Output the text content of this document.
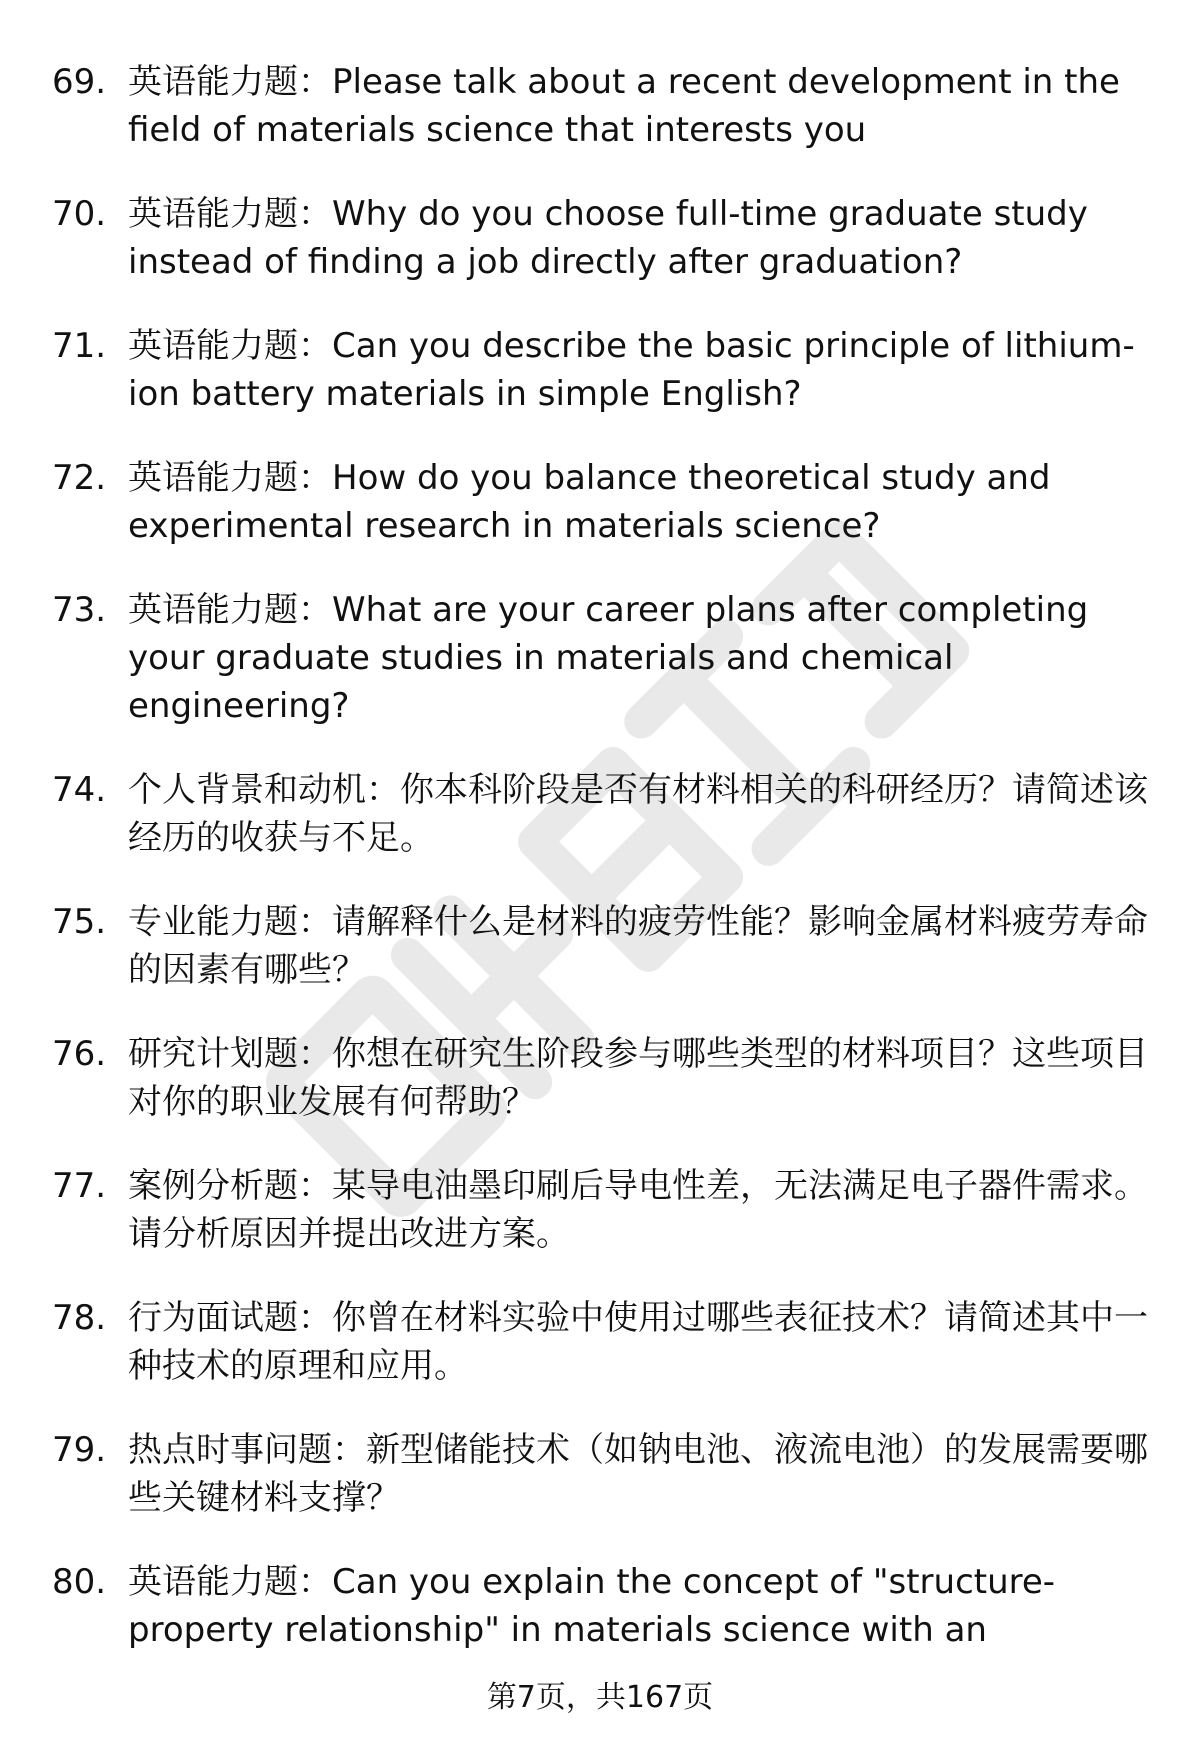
69. 英语能力题：Please talk about a recent development in the field of materials science that interests you
70. 英语能力题：Why do you choose full-time graduate study instead of finding a job directly after graduation?
71. 英语能力题：Can you describe the basic principle of lithium-ion battery materials in simple English?
72. 英语能力题：How do you balance theoretical study and experimental research in materials science?
73. 英语能力题：What are your career plans after completing your graduate studies in materials and chemical engineering?
74. 个人背景和动机：你本科阶段是否有材料相关的科研经历？请简述该经历的收获与不足。
75. 专业能力题：请解释什么是材料的疲劳性能？影响金属材料疲劳寿命的因素有哪些？
76. 研究计划题：你想在研究生阶段参与哪些类型的材料项目？这些项目对你的职业发展有何帮助？
77. 案例分析题：某导电油墨印刷后导电性差，无法满足电子器件需求。请分析原因并提出改进方案。
78. 行为面试题：你曾在材料实验中使用过哪些表征技术？请简述其中一种技术的原理和应用。
79. 热点时事问题：新型储能技术（如钠电池、液流电池）的发展需要哪些关键材料支撑？
80. 英语能力题：Can you explain the concept of "structure-property relationship" in materials science with an
第7页，共167页
